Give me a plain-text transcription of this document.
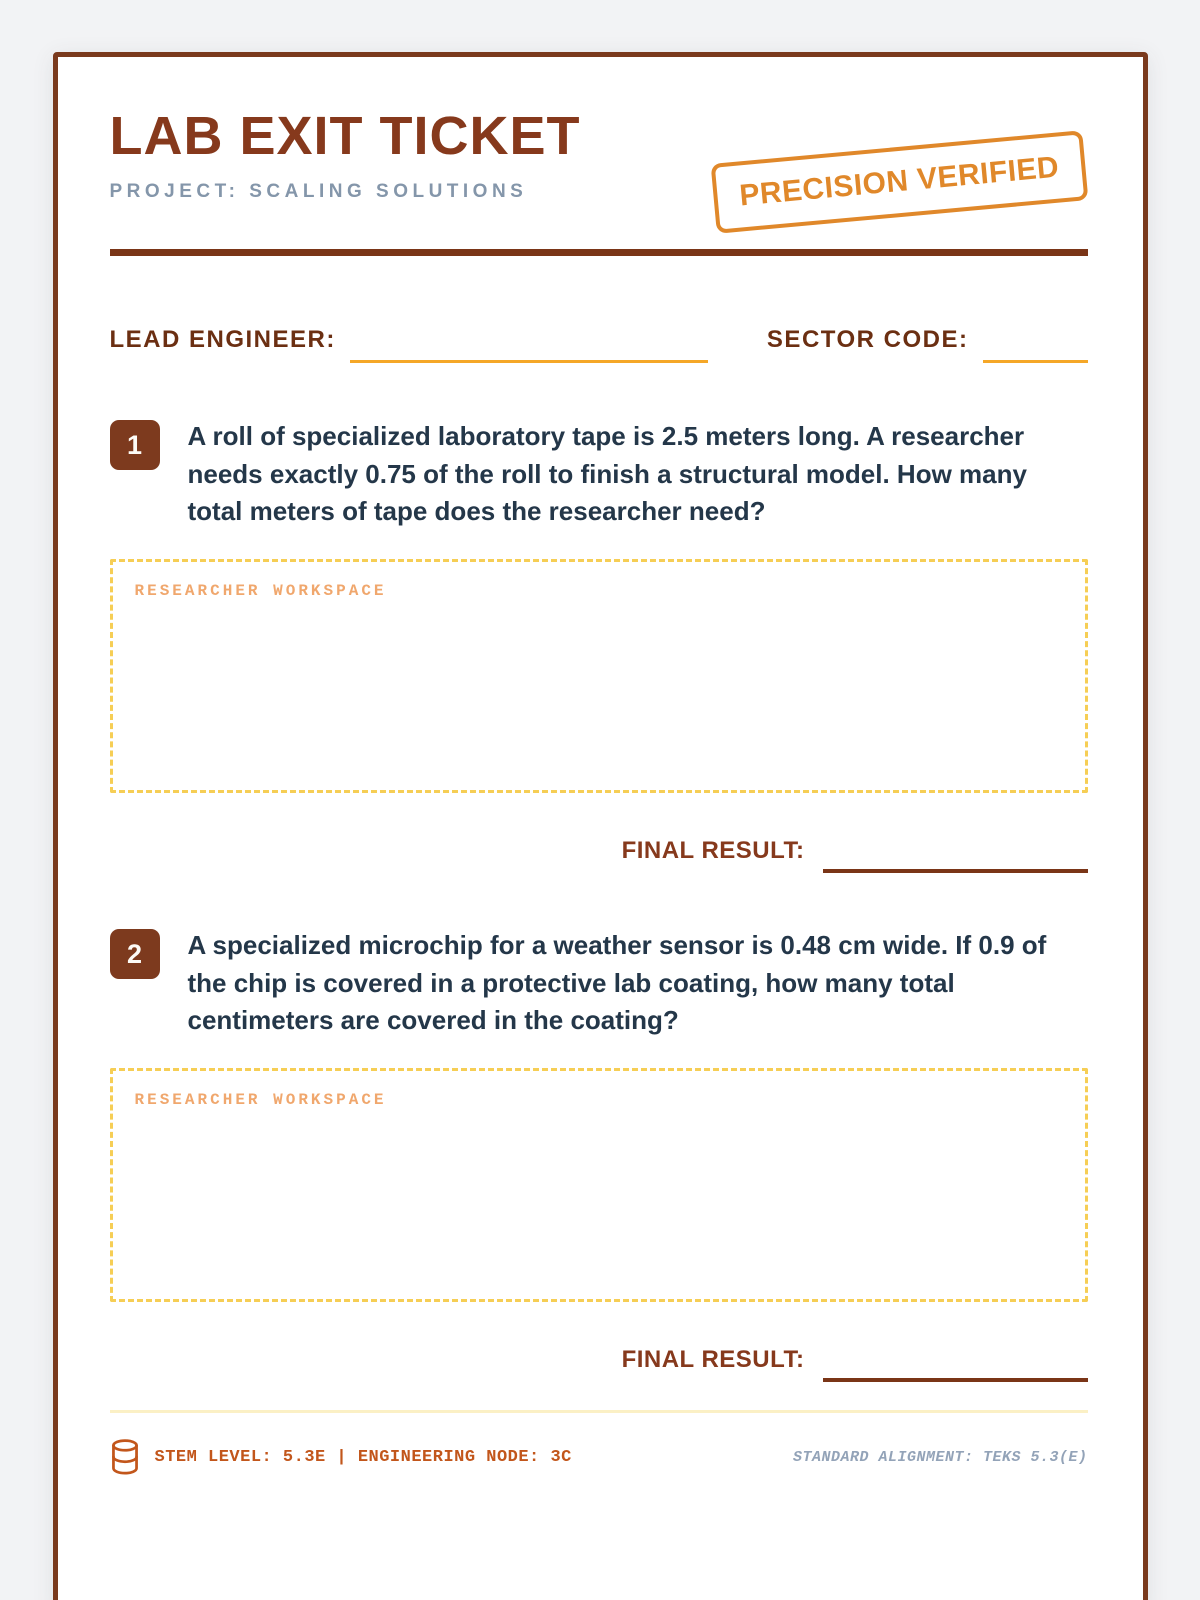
LAB EXIT TICKET
PROJECT: SCALING SOLUTIONS	PRECISION VERIFIED
LEAD ENGINEER:	SECTOR CODE:
1	A roll of specialized laboratory tape is 2.5 meters long. A researcher needs exactly 0.75 of the roll to finish a structural model. How many total meters of tape does the researcher need?
RESEARCHER WORKSPACE
FINAL RESULT:
2	A specialized microchip for a weather sensor is 0.48 cm wide. If 0.9 of the chip is covered in a protective lab coating, how many total centimeters are covered in the coating?
RESEARCHER WORKSPACE
FINAL RESULT:
STEM LEVEL: 5.3E | ENGINEERING NODE: 3C	STANDARD ALIGNMENT: TEKS 5.3(E)
